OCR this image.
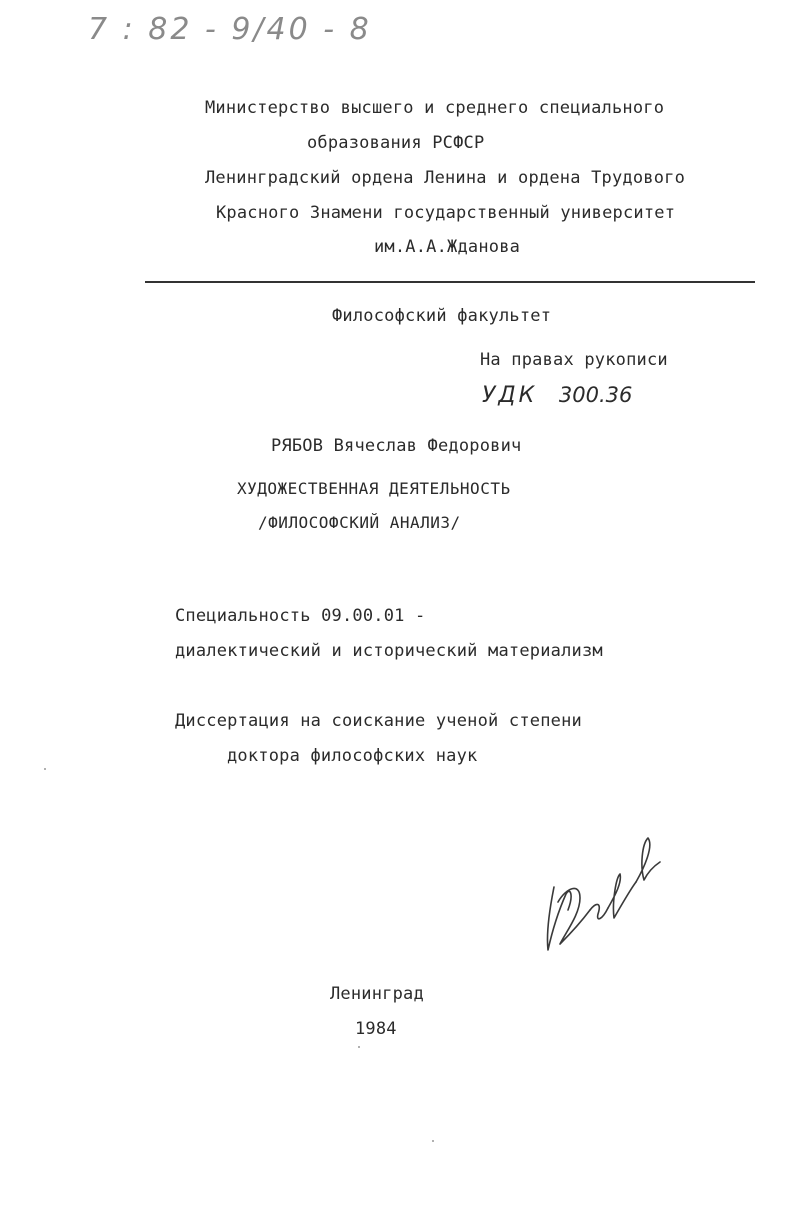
7 : 82 - 9/40 - 8
Министерство высшего и среднего специального
образования РСФСР
Ленинградский ордена Ленина и ордена Трудового
Красного Знамени государственный университет
им.А.А.Жданова
Философский факультет
На правах рукописи
УДК 300.36
РЯБОВ Вячеслав Федорович
ХУДОЖЕСТВЕННАЯ ДЕЯТЕЛЬНОСТЬ
/ФИЛОСОФСКИЙ АНАЛИЗ/
Специальность 09.00.01 -
диалектический и исторический материализм
Диссертация на соискание ученой степени
доктора философских наук
Ленинград
1984
